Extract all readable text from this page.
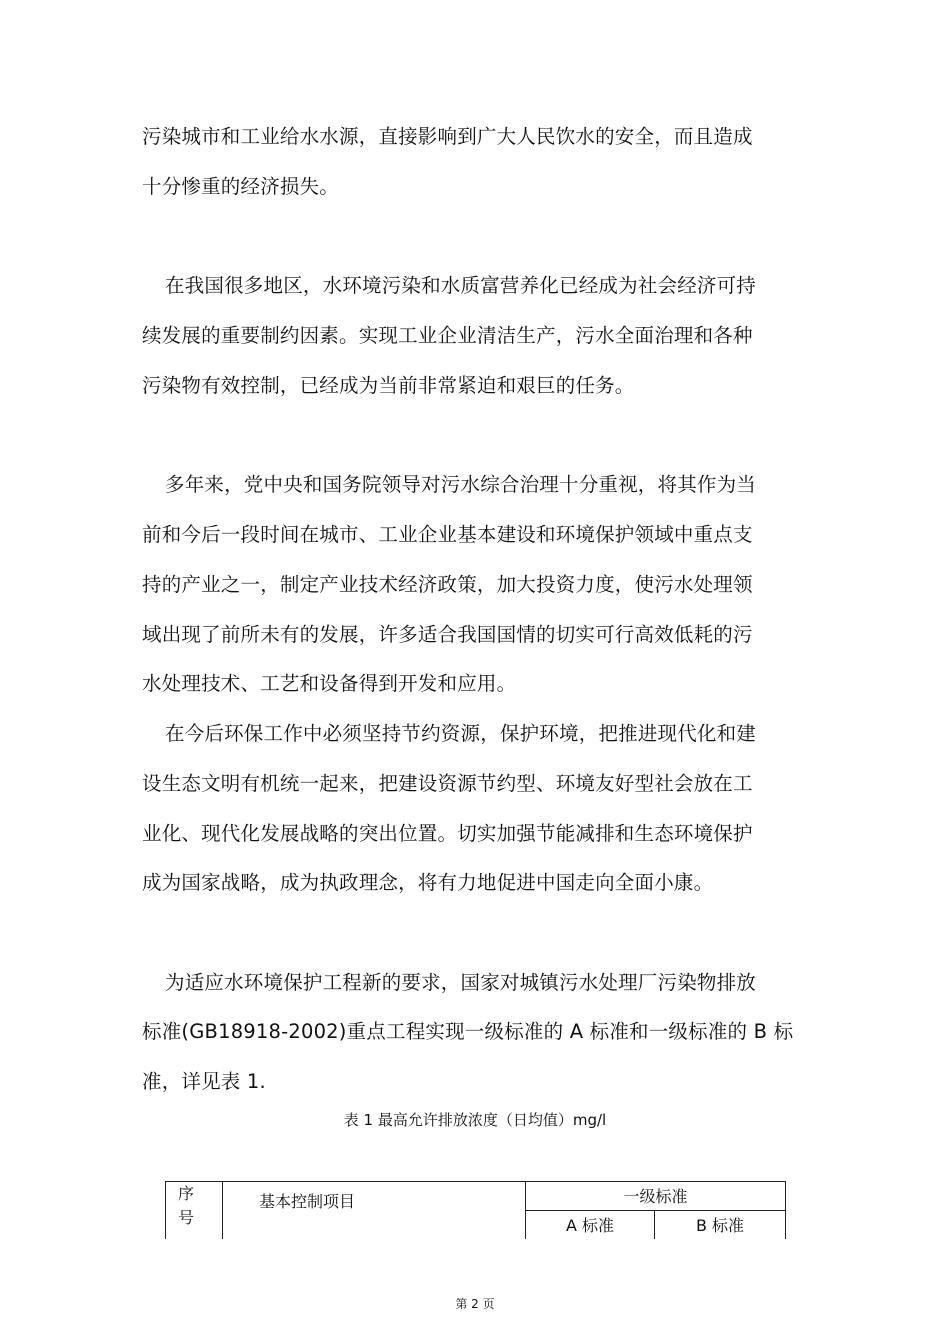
污染城市和工业给水水源，直接影响到广大人民饮水的安全，而且造成
十分惨重的经济损失。
在我国很多地区，水环境污染和水质富营养化已经成为社会经济可持
续发展的重要制约因素。实现工业企业清洁生产，污水全面治理和各种
污染物有效控制，已经成为当前非常紧迫和艰巨的任务。
多年来，党中央和国务院领导对污水综合治理十分重视，将其作为当
前和今后一段时间在城市、工业企业基本建设和环境保护领域中重点支
持的产业之一，制定产业技术经济政策，加大投资力度，使污水处理领
域出现了前所未有的发展，许多适合我国国情的切实可行高效低耗的污
水处理技术、工艺和设备得到开发和应用。
在今后环保工作中必须坚持节约资源，保护环境，把推进现代化和建
设生态文明有机统一起来，把建设资源节约型、环境友好型社会放在工
业化、现代化发展战略的突出位置。切实加强节能减排和生态环境保护
成为国家战略，成为执政理念，将有力地促进中国走向全面小康。
为适应水环境保护工程新的要求，国家对城镇污水处理厂污染物排放
标准(GB18918-2002)重点工程实现一级标准的 A 标准和一级标准的 B 标
准，详见表 1.
表 1 最高允许排放浓度（日均值）mg/l
序
号	基本控制项目	一级标准	
		A 标准	B 标准
第 2 页
